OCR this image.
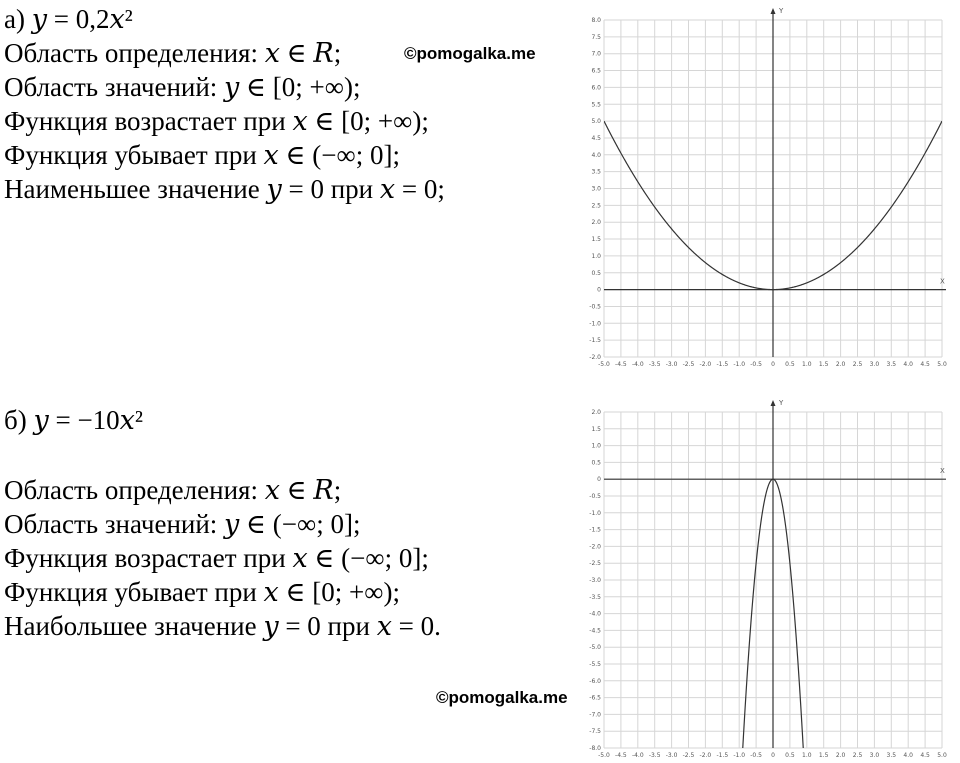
а) 𝑦 = 0,2𝑥²
Область определения: 𝑥 ∈ 𝑅;
Область значений: 𝑦 ∈ [0; +∞);
Функция возрастает при 𝑥 ∈ [0; +∞);
Функция убывает при 𝑥 ∈ (−∞; 0];
Наименьшее значение 𝑦 = 0 при 𝑥 = 0;
б) 𝑦 = −10𝑥²
Область определения: 𝑥 ∈ 𝑅;
Область значений: 𝑦 ∈ (−∞; 0];
Функция возрастает при 𝑥 ∈ (−∞; 0];
Функция убывает при 𝑥 ∈ [0; +∞);
Наибольшее значение 𝑦 = 0 при 𝑥 = 0.
©pomogalka.me
©pomogalka.me
-5.0 -4.5 -4.0 -3.5 -3.0 -2.5 -2.0 -1.5 -1.0 -0.5 0 0.5 1.0 1.5 2.0 2.5 3.0 3.5 4.0 4.5 5.0
8.0
7.5
7.0
6.5
6.0
5.5
5.0
4.5
4.0
3.5
3.0
2.5
2.0
1.5
1.0
0.5
0
-0.5
-1.0
-1.5
-2.0
X
Y
-5.0 -4.5 -4.0 -3.5 -3.0 -2.5 -2.0 -1.5 -1.0 -0.5 0 0.5 1.0 1.5 2.0 2.5 3.0 3.5 4.0 4.5 5.0
2.0
1.5
1.0
0.5
0
-0.5
-1.0
-1.5
-2.0
-2.5
-3.0
-3.5
-4.0
-4.5
-5.0
-5.5
-6.0
-6.5
-7.0
-7.5
-8.0
X
Y
